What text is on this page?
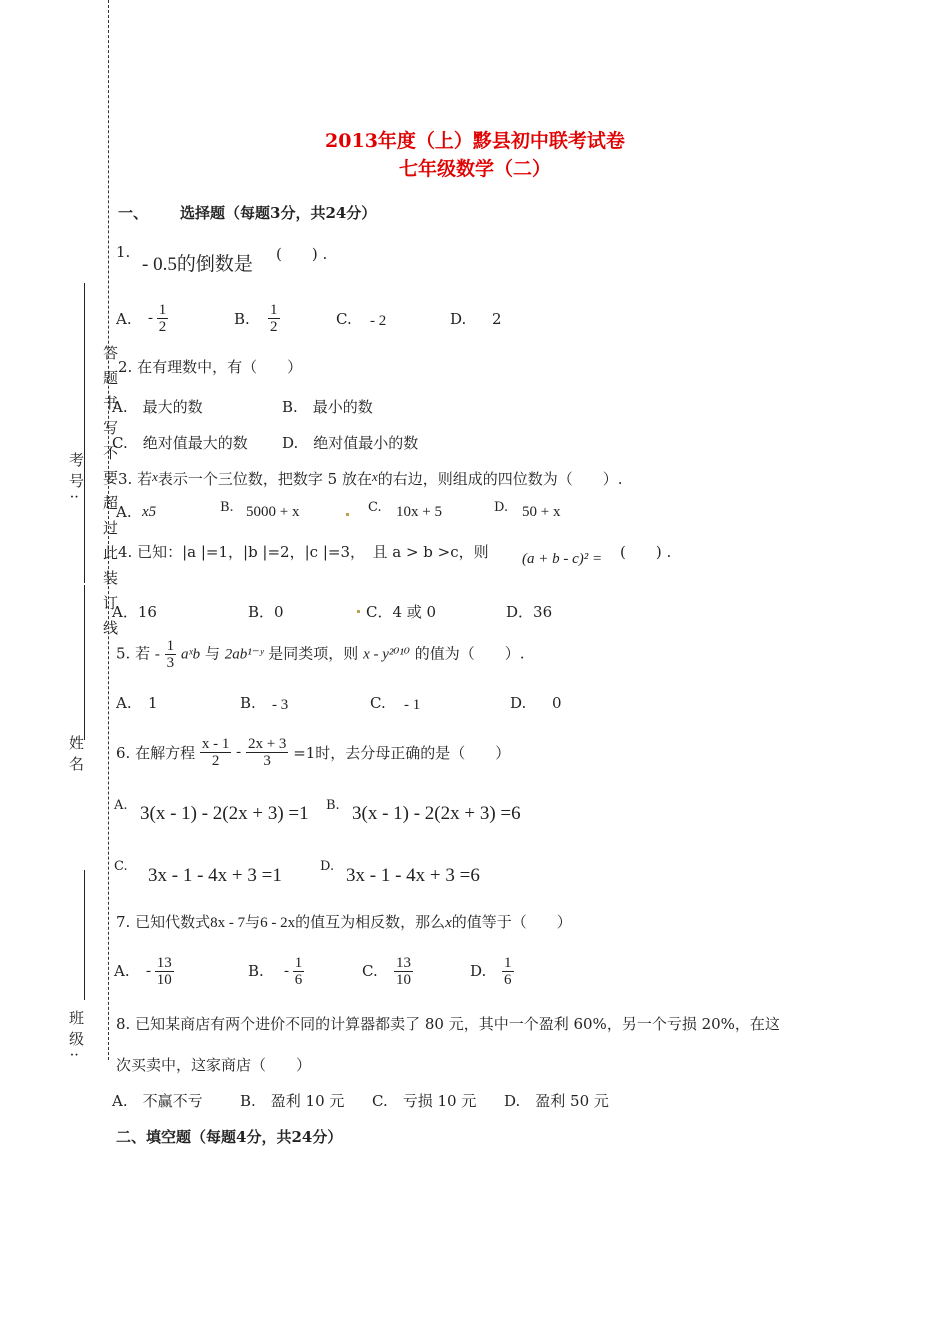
答题书写不要超过此装订线
考号:
姓名
班级:
2013年度（上）黟县初中联考试卷
七年级数学（二）
一、 选择题（每题3分，共24分）
1.
- 0.5的倒数是 (　　) .
A. - $\frac{1}{2}$	B. $\frac{1}{2}$	C. - 2	D. 2
2. 在有理数中，有（　　）
A.　最大的数	B.　最小的数
C.　绝对值最大的数 D.　绝对值最小的数
3. 若x表示一个三位数，把数字 5 放在x的右边，则组成的四位数为（　　）.
A. x5	B. 5000 + x	C. 10x + 5	D. 50 + x
4. 已知：|a |=1，|b |=2，|c |=3，　且 a > b >c，则 (a + b - c)² = (　　) .
A．16	B．0	C．4 或 0	D．36
5. 若 - $\frac{1}{3}$ aˣb 与 2ab¹⁻ʸ 是同类项，则 x - y²⁰¹⁰ 的值为（　　）.
A. 1	B. - 3	C. - 1	D. 0
6. 在解方程 $\frac{x - 1}{2} - \frac{2x + 3}{3} =1$时，去分母正确的是（　　）
A. 3(x - 1) - 2(2x + 3) =1 B. 3(x - 1) - 2(2x + 3) =6
C. 3x - 1 - 4x + 3 =1	D. 3x - 1 - 4x + 3 =6
7. 已知代数式8x - 7与6 - 2x的值互为相反数，那么x的值等于（　　）
A. - $\frac{13}{10}$	B. - $\frac{1}{6}$	C. $\frac{13}{10}$	D. $\frac{1}{6}$
8. 已知某商店有两个进价不同的计算器都卖了 80 元，其中一个盈利 60%，另一个亏损 20%，在这
次买卖中，这家商店（　　）
A.　不赢不亏 B.　盈利 10 元 C.　亏损 10 元 D.　盈利 50 元
二、填空题（每题4分，共24分）
